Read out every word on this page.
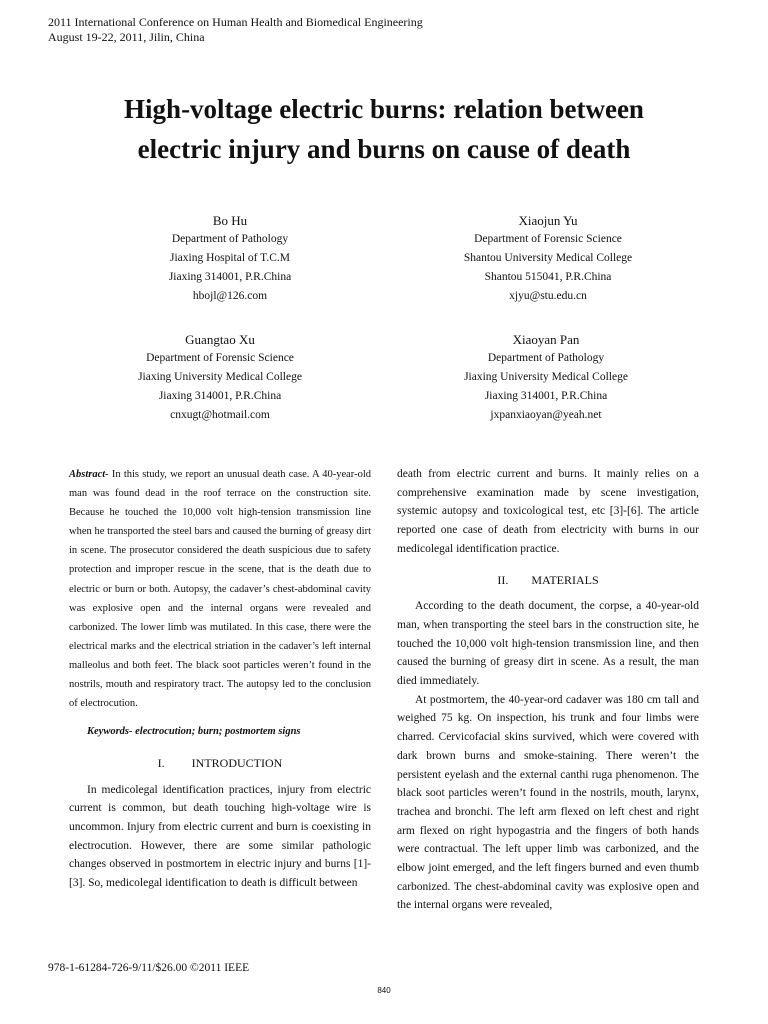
2011 International Conference on Human Health and Biomedical Engineering
August 19-22, 2011, Jilin, China
High-voltage electric burns: relation between
electric injury and burns on cause of death
Bo Hu
Department of Pathology
Jiaxing Hospital of T.C.M
Jiaxing 314001, P.R.China
hbojl@126.com
Xiaojun Yu
Department of Forensic Science
Shantou University Medical College
Shantou 515041, P.R.China
xjyu@stu.edu.cn
Guangtao Xu
Department of Forensic Science
Jiaxing University Medical College
Jiaxing 314001, P.R.China
cnxugt@hotmail.com
Xiaoyan Pan
Department of Pathology
Jiaxing University Medical College
Jiaxing 314001, P.R.China
jxpanxiaoyan@yeah.net

Abstract- In this study, we report an unusual death case. A 40-year-old man was found dead in the roof terrace on the construction site. Because he touched the 10,000 volt high-tension transmission line when he transported the steel bars and caused the burning of greasy dirt in scene. The prosecutor considered the death suspicious due to safety protection and improper rescue in the scene, that is the death due to electric or burn or both. Autopsy, the cadaver’s chest-abdominal cavity was explosive open and the internal organs were revealed and carbonized. The lower limb was mutilated. In this case, there were the electrical marks and the electrical striation in the cadaver’s left internal malleolus and both feet. The black soot particles weren’t found in the nostrils, mouth and respiratory tract. The autopsy led to the conclusion of electrocution.

Keywords- electrocution; burn; postmortem signs

I. INTRODUCTION

In medicolegal identification practices, injury from electric current is common, but death touching high-voltage wire is uncommon. Injury from electric current and burn is coexisting in electrocution. However, there are some similar pathologic changes observed in postmortem in electric injury and burns [1]-[3]. So, medicolegal identification to death is difficult between

death from electric current and burns. It mainly relies on a comprehensive examination made by scene investigation, systemic autopsy and toxicological test, etc [3]-[6]. The article reported one case of death from electricity with burns in our medicolegal identification practice.

II. MATERIALS

According to the death document, the corpse, a 40-year-old man, when transporting the steel bars in the construction site, he touched the 10,000 volt high-tension transmission line, and then caused the burning of greasy dirt in scene. As a result, the man died immediately.

At postmortem, the 40-year-ord cadaver was 180 cm tall and weighed 75 kg. On inspection, his trunk and four limbs were charred. Cervicofacial skins survived, which were covered with dark brown burns and smoke-staining. There weren’t the persistent eyelash and the external canthi ruga phenomenon. The black soot particles weren’t found in the nostrils, mouth, larynx, trachea and bronchi. The left arm flexed on left chest and right arm flexed on right hypogastria and the fingers of both hands were contractual. The left upper limb was carbonized, and the elbow joint emerged, and the left fingers burned and even thumb carbonized. The chest-abdominal cavity was explosive open and the internal organs were revealed,

978-1-61284-726-9/11/$26.00 ©2011 IEEE
840
